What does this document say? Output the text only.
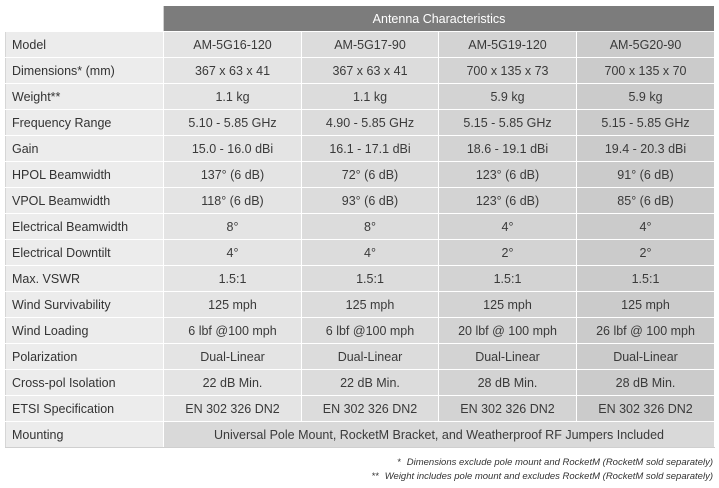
	Antenna Characteristics			
Model	AM-5G16-120	AM-5G17-90	AM-5G19-120	AM-5G20-90
Dimensions* (mm)	367 x 63 x 41	367 x 63 x 41	700 x 135 x 73	700 x 135 x 70
Weight**	1.1 kg	1.1 kg	5.9 kg	5.9 kg
Frequency Range	5.10 - 5.85 GHz	4.90 - 5.85 GHz	5.15 - 5.85 GHz	5.15 - 5.85 GHz
Gain	15.0 - 16.0 dBi	16.1 - 17.1 dBi	18.6 - 19.1 dBi	19.4 - 20.3 dBi
HPOL Beamwidth	137° (6 dB)	72° (6 dB)	123° (6 dB)	91° (6 dB)
VPOL Beamwidth	118° (6 dB)	93° (6 dB)	123° (6 dB)	85° (6 dB)
Electrical Beamwidth	8°	8°	4°	4°
Electrical Downtilt	4°	4°	2°	2°
Max. VSWR	1.5:1	1.5:1	1.5:1	1.5:1
Wind Survivability	125 mph	125 mph	125 mph	125 mph
Wind Loading	6 lbf @100 mph	6 lbf @100 mph	20 lbf @ 100 mph	26 lbf @ 100 mph
Polarization	Dual-Linear	Dual-Linear	Dual-Linear	Dual-Linear
Cross-pol Isolation	22 dB Min.	22 dB Min.	28 dB Min.	28 dB Min.
ETSI Specification	EN 302 326 DN2	EN 302 326 DN2	EN 302 326 DN2	EN 302 326 DN2
Mounting	Universal Pole Mount, RocketM Bracket, and Weatherproof RF Jumpers Included			
* Dimensions exclude pole mount and RocketM (RocketM sold separately)
** Weight includes pole mount and excludes RocketM (RocketM sold separately)
